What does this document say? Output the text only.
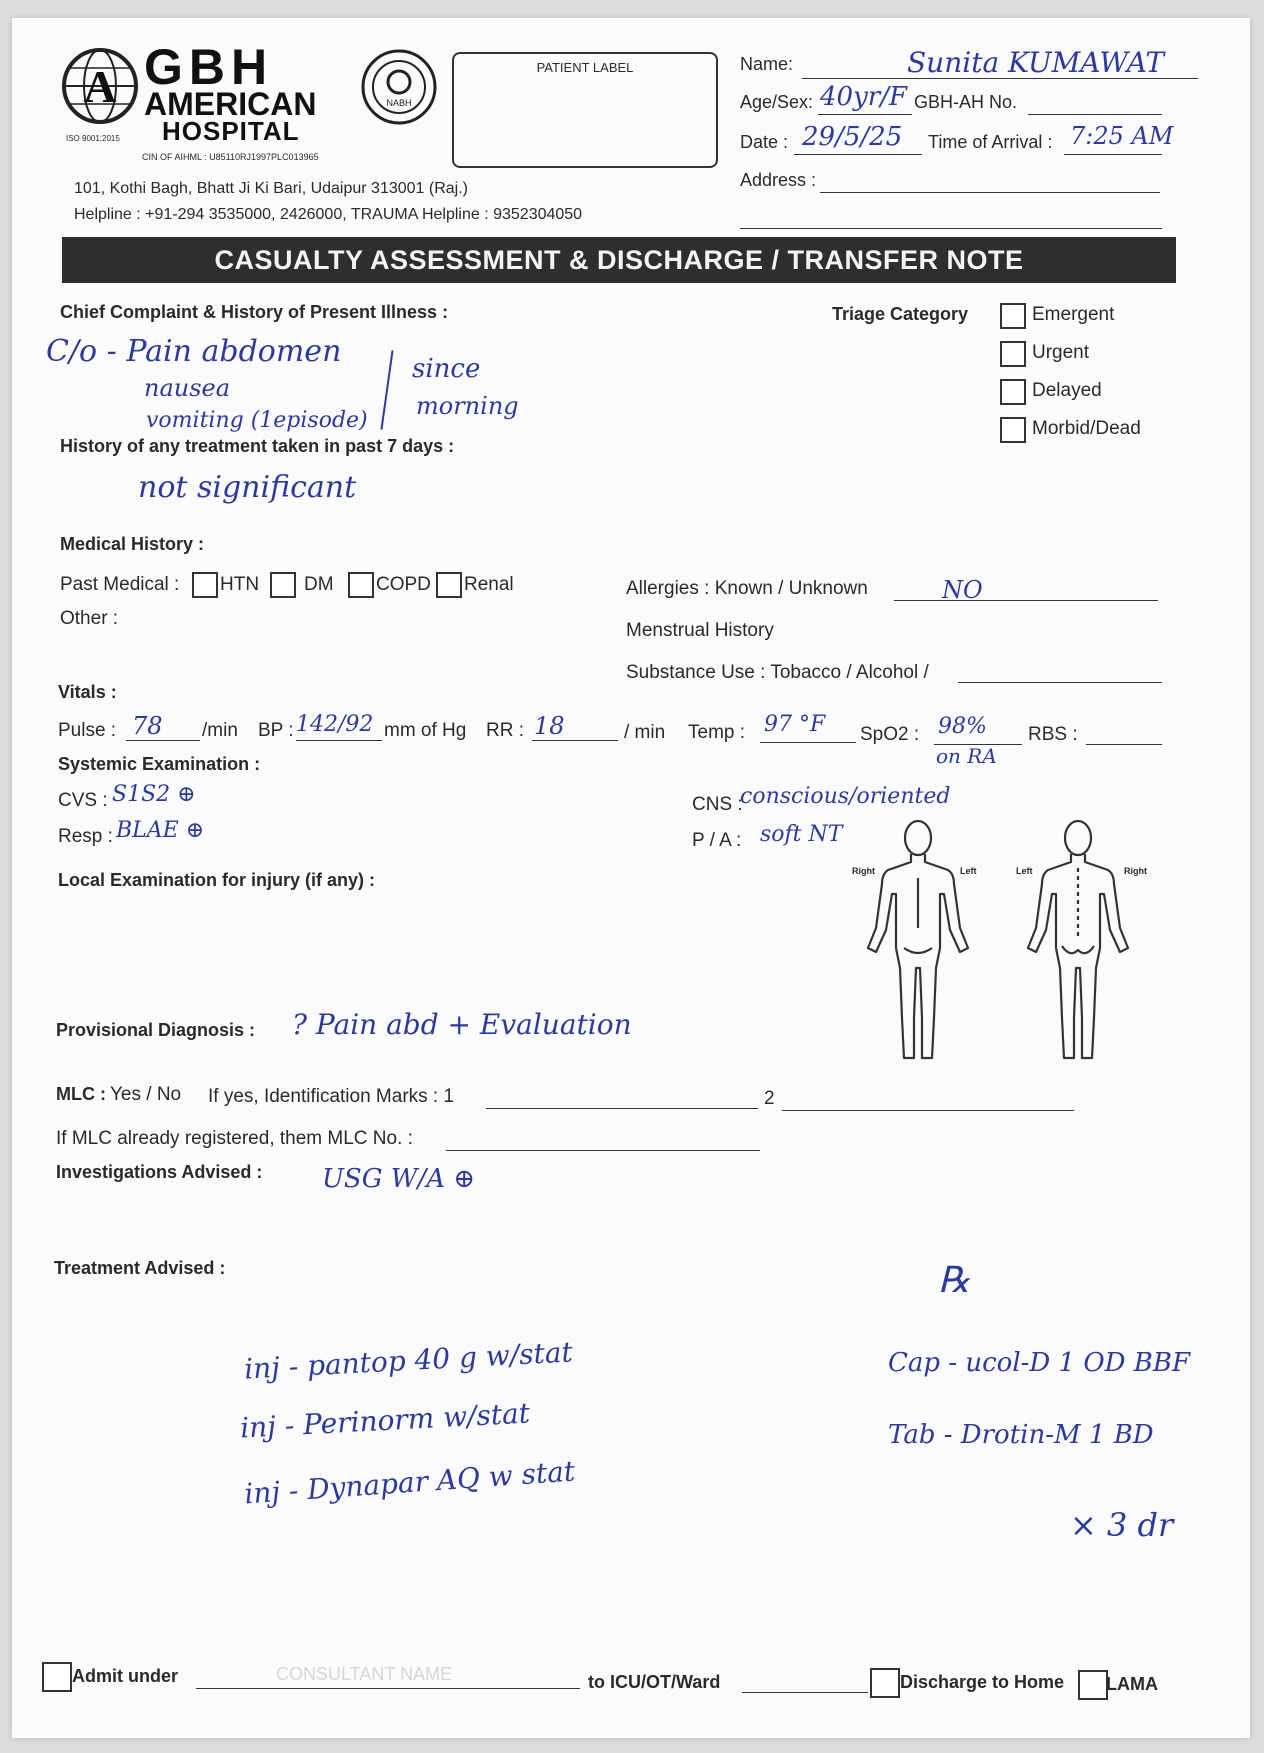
A
ISO 9001:2015
GBH
AMERICAN
HOSPITAL
CIN OF AIHML : U85110RJ1997PLC013965
NABH
PATIENT LABEL
101, Kothi Bagh, Bhatt Ji Ki Bari, Udaipur 313001 (Raj.)
Helpline : +91-294 3535000, 2426000, TRAUMA Helpline : 9352304050
Name:	Sunita KUMAWAT
Age/Sex: 40yr/F GBH-AH No.
Date : 29/5/25 Time of Arrival : 7:25 AM
Address :
CASUALTY ASSESSMENT & DISCHARGE / TRANSFER NOTE
Chief Complaint & History of Present Illness :
C/o - Pain abdomen
nausea
vomiting (1episode)
since
morning
Triage Category	Emergent
Urgent
Delayed
Morbid/Dead
History of any treatment taken in past 7 days :
not significant
Medical History :
Past Medical : HTN DM COPD Renal
Other :
Allergies : Known / Unknown	NO
Menstrual History
Substance Use : Tobacco / Alcohol /
Vitals :
Pulse : 78 /min BP : 142/92 mm of Hg RR : 18	/ min Temp : 97 °F SpO2 : 98%
on RA
RBS :
Systemic Examination :
CVS : S1S2 ⊕
Resp : BLAE ⊕
CNS :
conscious/oriented
P / A : soft NT
Local Examination for injury (if any) :	Right	Left	Left	Right
Provisional Diagnosis : ? Pain abd + Evaluation
MLC : Yes / No If yes, Identification Marks : 1	2
If MLC already registered, them MLC No. :
Investigations Advised : USG W/A ⊕
Treatment Advised :
inj - pantop 40 g w/stat
inj - Perinorm w/stat
inj - Dynapar AQ w stat
℞
Cap - ucol-D 1 OD BBF
Tab - Drotin-M 1 BD
× 3 dr
Admit under	CONSULTANT NAME	to ICU/OT/Ward	Discharge to Home LAMA
